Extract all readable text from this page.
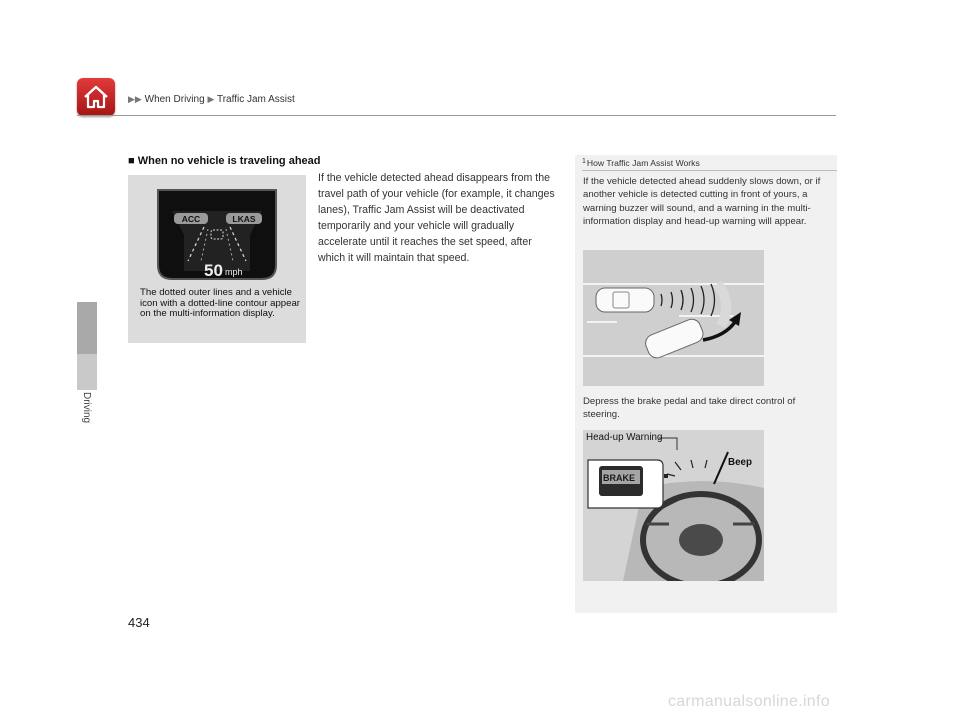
▶▶ When Driving ▶ Traffic Jam Assist
Driving
■ When no vehicle is traveling ahead
ACC	LKAS
50 mph
The dotted outer lines and a vehicle icon with a dotted-line contour appear on the multi-information display.
If the vehicle detected ahead disappears from the travel path of your vehicle (for example, it changes lanes), Traffic Jam Assist will be deactivated temporarily and your vehicle will gradually accelerate until it reaches the set speed, after which it will maintain that speed.
$^1$How Traffic Jam Assist Works
If the vehicle detected ahead suddenly slows down, or if another vehicle is detected cutting in front of yours, a warning buzzer will sound, and a warning in the multi-information display and head-up warning will appear.
Depress the brake pedal and take direct control of steering.
Head-up Warning
Beep
BRAKE
434
carmanualsonline.info
